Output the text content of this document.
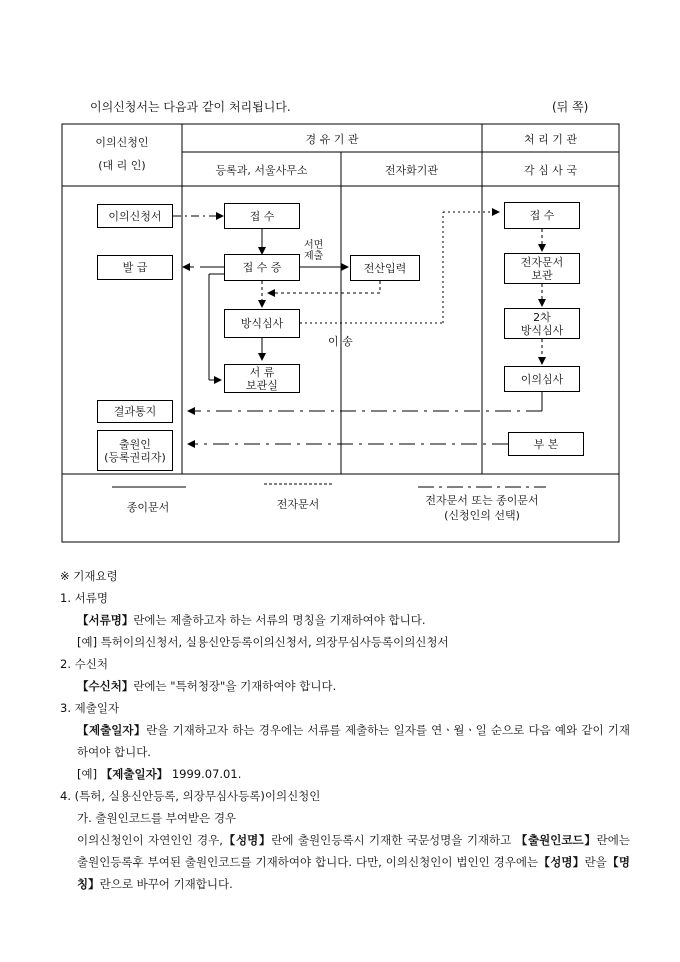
이의신청서는 다음과 같이 처리됩니다.	(뒤 쪽)
이의신청인
(대 리 인)
경 유 기 관	처 리 기 관
등록과, 서울사무소	전자화기관	각 심 사 국
이의신청서
발 급
결과통지
출원인
(등록권리자)
접 수
접 수 증
방식심사
서 류
보관실
서면
제출
전산입력
이 송
접 수
전자문서
보관
2차
방식심사
이의심사
부 본
종이문서	전자문서	전자문서 또는 종이문서
(신청인의 선택)

※ 기재요령

1. 서류명

【서류명】란에는 제출하고자 하는 서류의 명칭을 기재하여야 합니다.

[예] 특허이의신청서, 실용신안등록이의신청서, 의장무심사등록이의신청서

2. 수신처

【수신처】란에는 "특허청장"을 기재하여야 합니다.

3. 제출일자

【제출일자】란을 기재하고자 하는 경우에는 서류를 제출하는 일자를 연ㆍ월ㆍ일 순으로 다음 예와 같이 기재하여야 합니다.

[예] 【제출일자】 1999.07.01.

4. (특허, 실용신안등록, 의장무심사등록)이의신청인

가. 출원인코드를 부여받은 경우

이의신청인이 자연인인 경우,【성명】란에 출원인등록시 기재한 국문성명을 기재하고 【출원인코드】란에는 출원인등록후 부여된 출원인코드를 기재하여야 합니다. 다만, 이의신청인이 법인인 경우에는【성명】란을【명칭】란으로 바꾸어 기재합니다.
